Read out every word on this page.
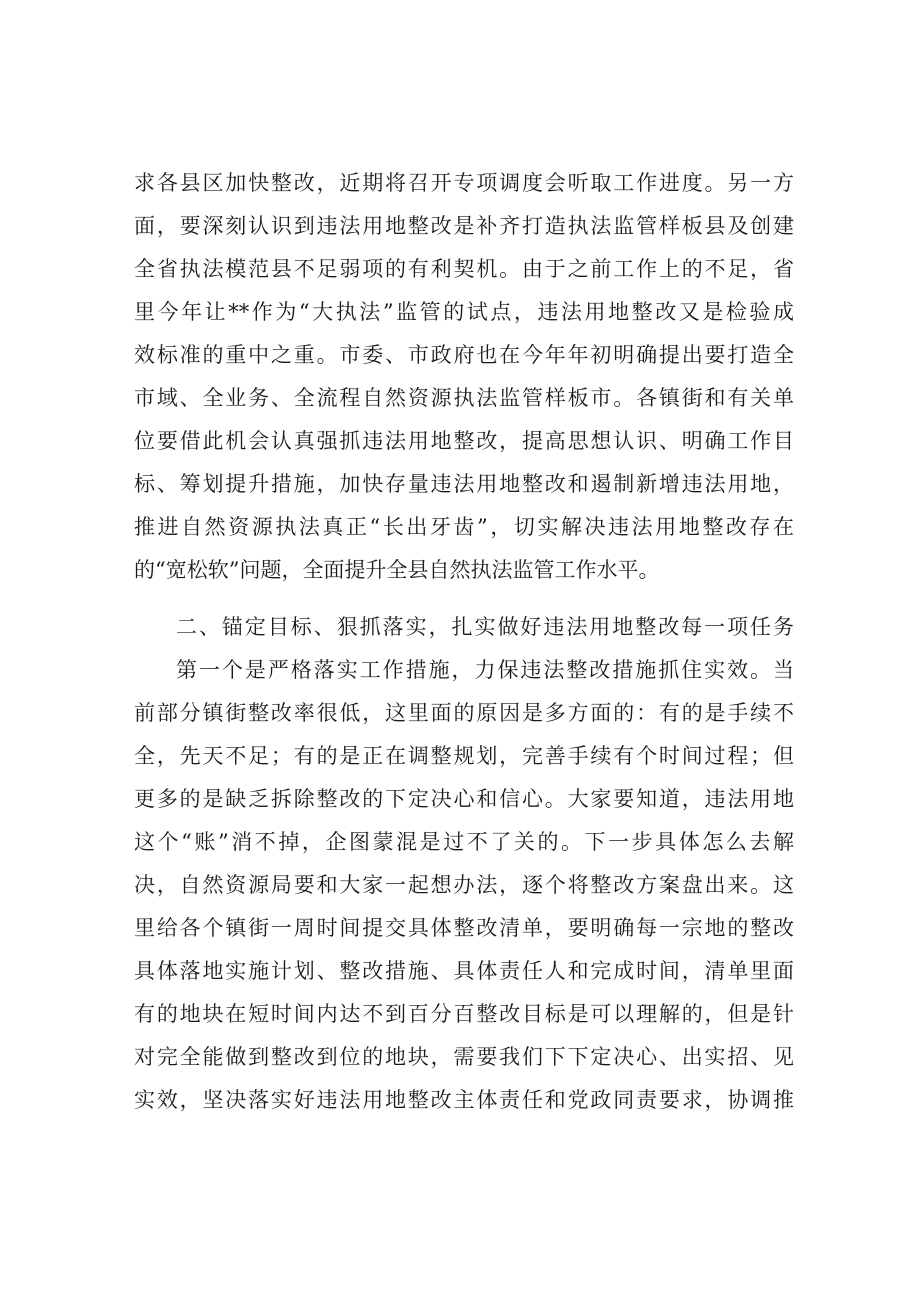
求各县区加快整改，近期将召开专项调度会听取工作进度。另一方
面，要深刻认识到违法用地整改是补齐打造执法监管样板县及创建
全省执法模范县不足弱项的有利契机。由于之前工作上的不足，省
里今年让**作为“大执法”监管的试点，违法用地整改又是检验成
效标准的重中之重。市委、市政府也在今年年初明确提出要打造全
市域、全业务、全流程自然资源执法监管样板市。各镇街和有关单
位要借此机会认真强抓违法用地整改，提高思想认识、明确工作目
标、筹划提升措施，加快存量违法用地整改和遏制新增违法用地，
推进自然资源执法真正“长出牙齿”，切实解决违法用地整改存在
的“宽松软”问题，全面提升全县自然执法监管工作水平。
二、锚定目标、狠抓落实，扎实做好违法用地整改每一项任务
第一个是严格落实工作措施，力保违法整改措施抓住实效。当
前部分镇街整改率很低，这里面的原因是多方面的：有的是手续不
全，先天不足；有的是正在调整规划，完善手续有个时间过程；但
更多的是缺乏拆除整改的下定决心和信心。大家要知道，违法用地
这个“账”消不掉，企图蒙混是过不了关的。下一步具体怎么去解
决，自然资源局要和大家一起想办法，逐个将整改方案盘出来。这
里给各个镇街一周时间提交具体整改清单，要明确每一宗地的整改
具体落地实施计划、整改措施、具体责任人和完成时间，清单里面
有的地块在短时间内达不到百分百整改目标是可以理解的，但是针
对完全能做到整改到位的地块，需要我们下下定决心、出实招、见
实效，坚决落实好违法用地整改主体责任和党政同责要求，协调推
